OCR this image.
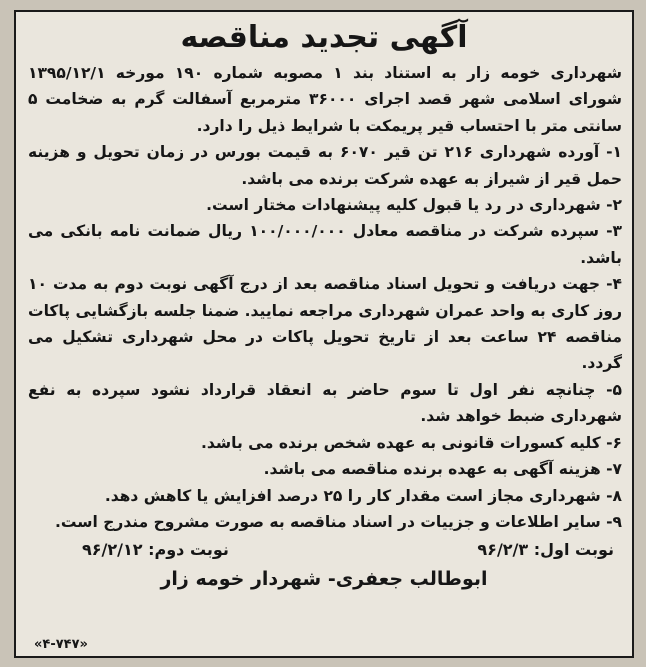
آگهی تجدید مناقصه

شهرداری خومه زار به استناد بند ۱ مصوبه شماره ۱۹۰ مورخه ۱۳۹۵/۱۲/۱ شورای اسلامی شهر قصد اجرای ۳۶۰۰۰ مترمربع آسفالت گرم به ضخامت ۵ سانتی متر با احتساب قیر پریمکت با شرایط ذیل را دارد.

۱- آورده شهرداری ۲۱۶ تن قیر ۶۰۷۰ به قیمت بورس در زمان تحویل و هزینه حمل قیر از شیراز به عهده شرکت برنده می باشد.

۲- شهرداری در رد یا قبول کلیه پیشنهادات مختار است.

۳- سپرده شرکت در مناقصه معادل ۱۰۰/۰۰۰/۰۰۰ ریال ضمانت نامه بانکی می باشد.

۴- جهت دریافت و تحویل اسناد مناقصه بعد از درج آگهی نوبت دوم به مدت ۱۰ روز کاری به واحد عمران شهرداری مراجعه نمایید. ضمنا جلسه بازگشایی پاکات مناقصه ۲۴ ساعت بعد از تاریخ تحویل پاکات در محل شهرداری تشکیل می گردد.

۵- چنانچه نفر اول تا سوم حاضر به انعقاد قرارداد نشود سپرده به نفع شهرداری ضبط خواهد شد.

۶- کلیه کسورات قانونی به عهده شخص برنده می باشد.

۷- هزینه آگهی به عهده برنده مناقصه می باشد.

۸- شهرداری مجاز است مقدار کار را ۲۵ درصد افزایش یا کاهش دهد.

۹- سایر اطلاعات و جزییات در اسناد مناقصه به صورت مشروح مندرج است.

نوبت اول: ۹۶/۲/۳
نوبت دوم: ۹۶/۲/۱۲
ابوطالب جعفری- شهردار خومه زار
«۴-۷۴۷»
